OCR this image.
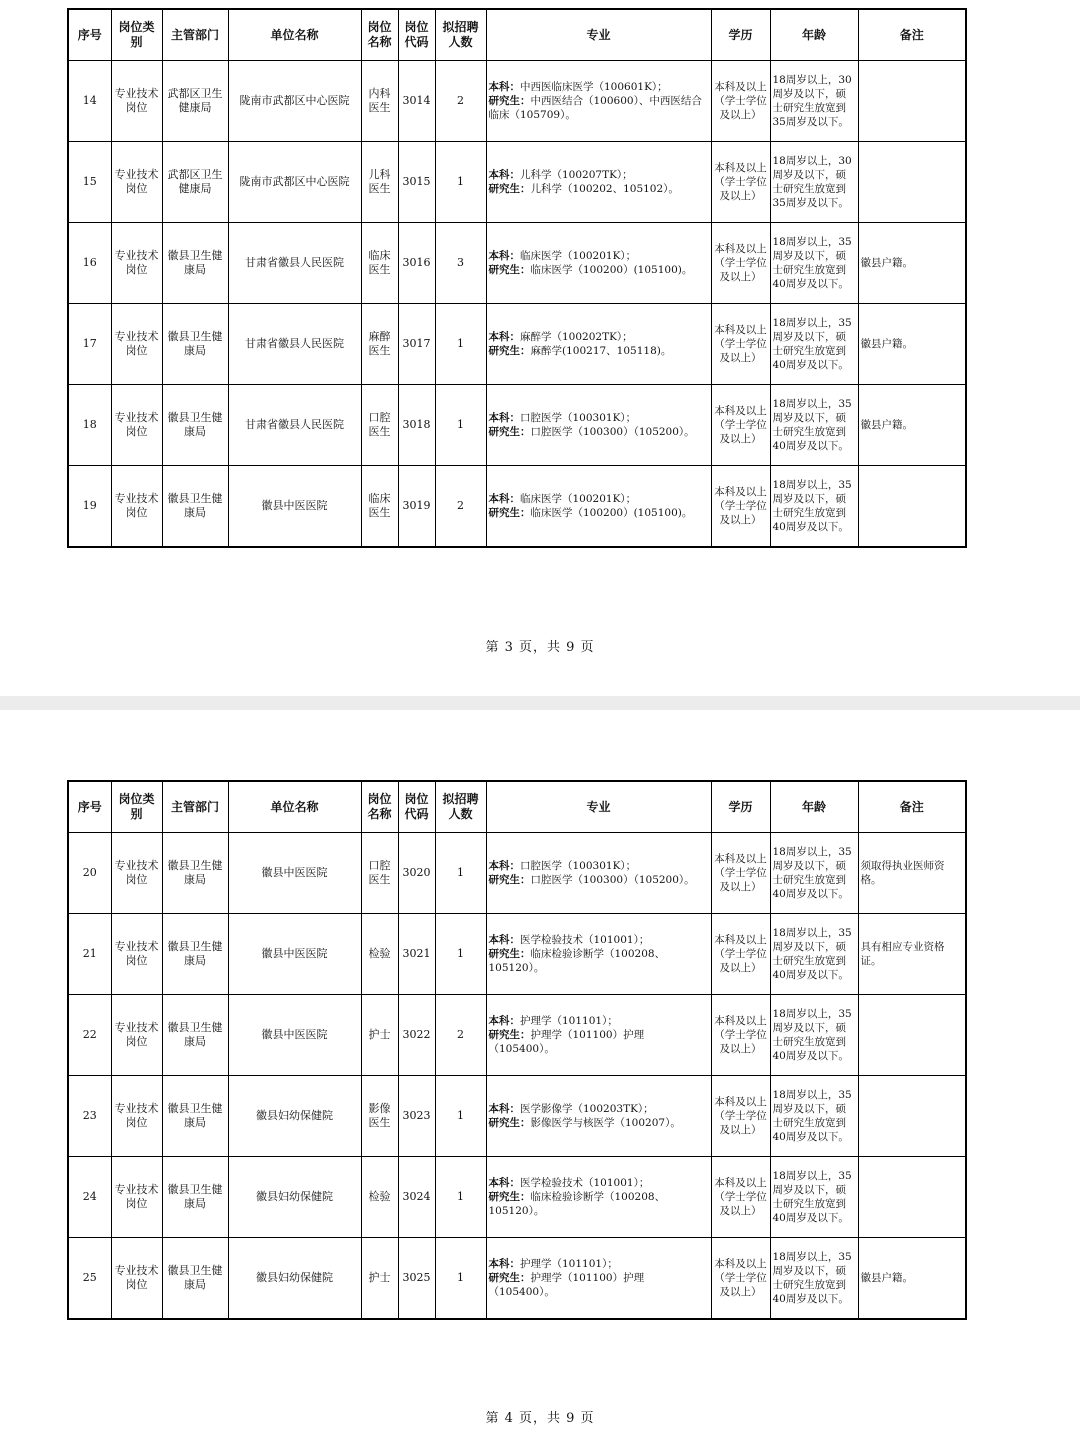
序号	岗位类别	主管部门	单位名称	岗位名称	岗位代码	拟招聘人数	专业	学历	年龄	备注
14	专业技术岗位	武都区卫生健康局	陇南市武都区中心医院	内科医生	3014	2	本科：中西医临床医学（100601K）；
研究生：中西医结合（100600）、中西医结合临床（105709）。	本科及以上（学士学位及以上）	18周岁以上，30周岁及以下，硕士研究生放宽到35周岁及以下。	
15	专业技术岗位	武都区卫生健康局	陇南市武都区中心医院	儿科医生	3015	1	本科：儿科学（100207TK）；
研究生：儿科学（100202、105102）。	本科及以上（学士学位及以上）	18周岁以上，30周岁及以下，硕士研究生放宽到35周岁及以下。	
16	专业技术岗位	徽县卫生健康局	甘肃省徽县人民医院	临床医生	3016	3	本科：临床医学（100201K）；
研究生：临床医学（100200）(105100)。	本科及以上（学士学位及以上）	18周岁以上，35周岁及以下，硕士研究生放宽到40周岁及以下。	徽县户籍。
17	专业技术岗位	徽县卫生健康局	甘肃省徽县人民医院	麻醉医生	3017	1	本科：麻醉学（100202TK）；
研究生：麻醉学(100217、105118)。	本科及以上（学士学位及以上）	18周岁以上，35周岁及以下，硕士研究生放宽到40周岁及以下。	徽县户籍。
18	专业技术岗位	徽县卫生健康局	甘肃省徽县人民医院	口腔医生	3018	1	本科：口腔医学（100301K）；
研究生：口腔医学（100300）（105200）。	本科及以上（学士学位及以上）	18周岁以上，35周岁及以下，硕士研究生放宽到40周岁及以下。	徽县户籍。
19	专业技术岗位	徽县卫生健康局	徽县中医医院	临床医生	3019	2	本科：临床医学（100201K）；
研究生：临床医学（100200）(105100)。	本科及以上（学士学位及以上）	18周岁以上，35周岁及以下，硕士研究生放宽到40周岁及以下。	
第 3 页，共 9 页
序号	岗位类别	主管部门	单位名称	岗位名称	岗位代码	拟招聘人数	专业	学历	年龄	备注
20	专业技术岗位	徽县卫生健康局	徽县中医医院	口腔医生	3020	1	本科：口腔医学（100301K）；
研究生：口腔医学（100300）（105200）。	本科及以上（学士学位及以上）	18周岁以上，35周岁及以下，硕士研究生放宽到40周岁及以下。	须取得执业医师资格。
21	专业技术岗位	徽县卫生健康局	徽县中医医院	检验	3021	1	本科：医学检验技术（101001）；
研究生：临床检验诊断学（100208、105120）。	本科及以上（学士学位及以上）	18周岁以上，35周岁及以下，硕士研究生放宽到40周岁及以下。	具有相应专业资格证。
22	专业技术岗位	徽县卫生健康局	徽县中医医院	护士	3022	2	本科：护理学（101101）；
研究生：护理学（101100）护理（105400）。	本科及以上（学士学位及以上）	18周岁以上，35周岁及以下，硕士研究生放宽到40周岁及以下。	
23	专业技术岗位	徽县卫生健康局	徽县妇幼保健院	影像医生	3023	1	本科：医学影像学（100203TK）；
研究生：影像医学与核医学（100207）。	本科及以上（学士学位及以上）	18周岁以上，35周岁及以下，硕士研究生放宽到40周岁及以下。	
24	专业技术岗位	徽县卫生健康局	徽县妇幼保健院	检验	3024	1	本科：医学检验技术（101001）；
研究生：临床检验诊断学（100208、105120）。	本科及以上（学士学位及以上）	18周岁以上，35周岁及以下，硕士研究生放宽到40周岁及以下。	
25	专业技术岗位	徽县卫生健康局	徽县妇幼保健院	护士	3025	1	本科：护理学（101101）；
研究生：护理学（101100）护理（105400）。	本科及以上（学士学位及以上）	18周岁以上，35周岁及以下，硕士研究生放宽到40周岁及以下。	徽县户籍。
第 4 页，共 9 页
